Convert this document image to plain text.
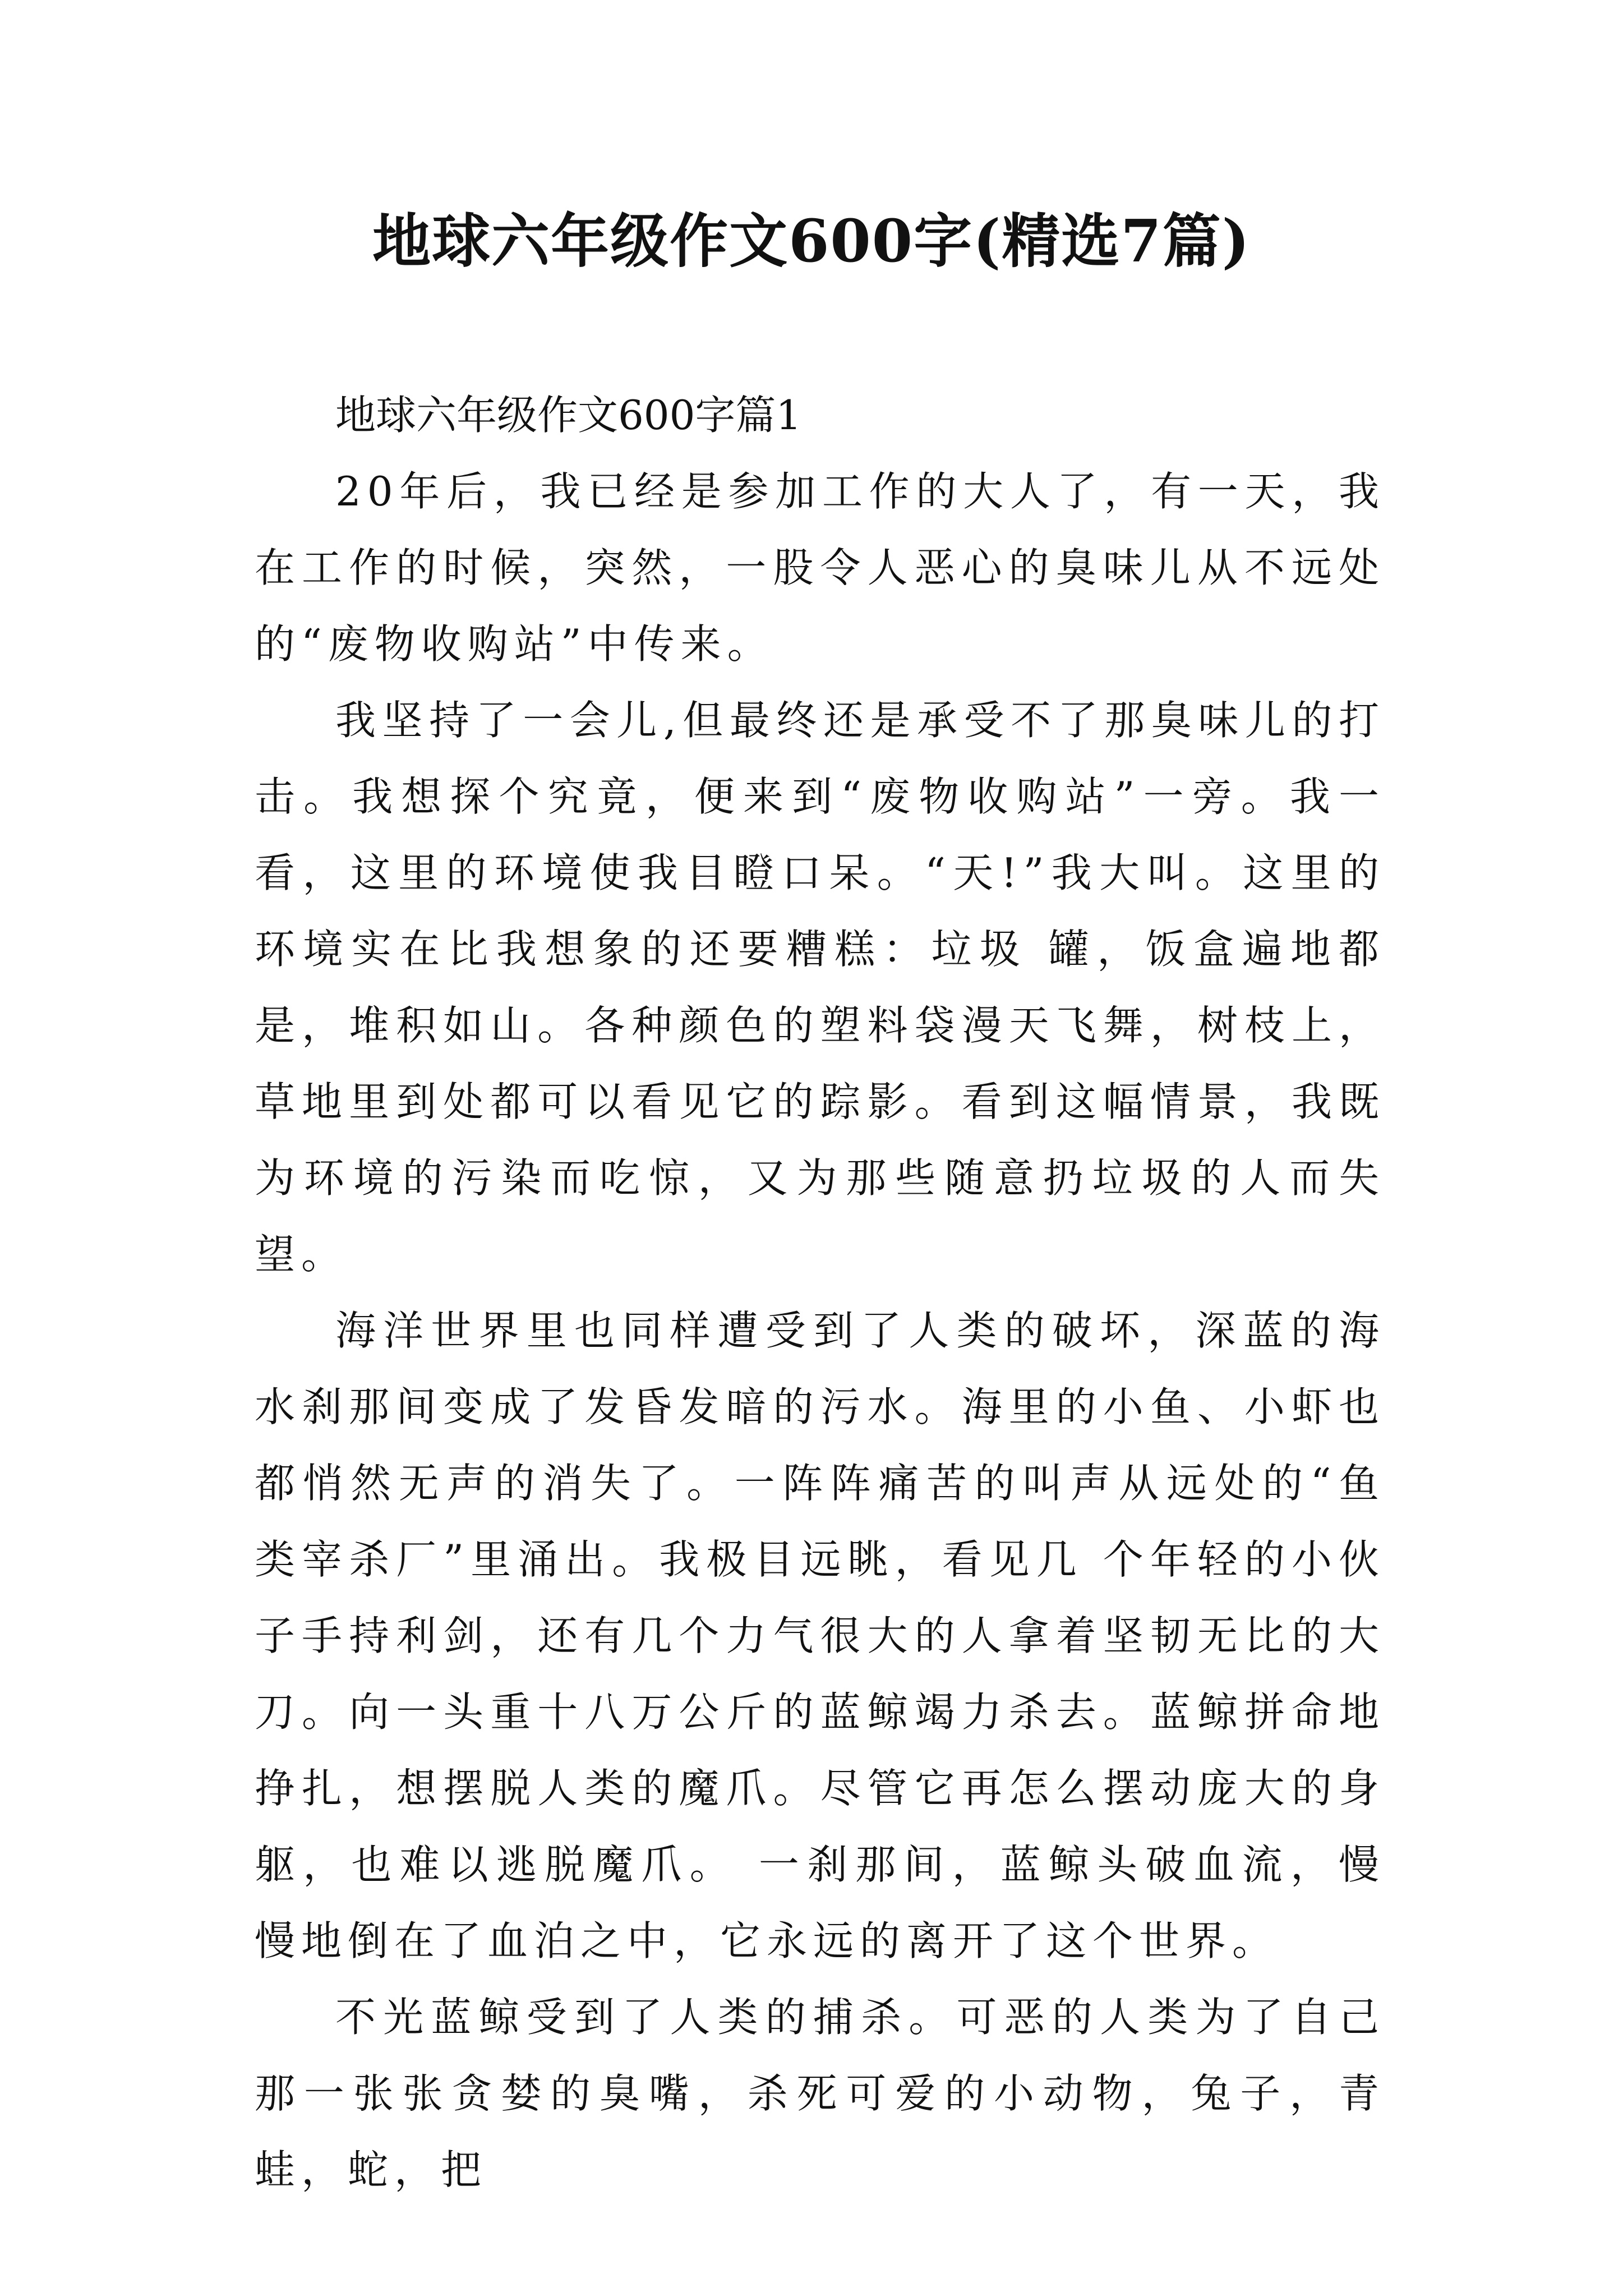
地球六年级作文600字(精选7篇)

地球六年级作文600字篇1

20年后，我已经是参加工作的大人了，有一天，我在工作的时候，突然，一股令人恶心的臭味儿从不远处的“废物收购站”中传来。

我坚持了一会儿,但最终还是承受不了那臭味儿的打击。我想探个究竟，便来到“废物收购站”一旁。我一看，这里的环境使我目瞪口呆。“天!”我大叫。这里的环境实在比我想象的还要糟糕：垃圾 罐，饭盒遍地都是，堆积如山。各种颜色的塑料袋漫天飞舞，树枝上，草地里到处都可以看见它的踪影。看到这幅情景，我既为环境的污染而吃惊，又为那些随意扔垃圾的人而失望。

海洋世界里也同样遭受到了人类的破坏，深蓝的海水刹那间变成了发昏发暗的污水。海里的小鱼、小虾也都悄然无声的消失了。一阵阵痛苦的叫声从远处的“鱼类宰杀厂”里涌出。我极目远眺，看见几 个年轻的小伙子手持利剑，还有几个力气很大的人拿着坚韧无比的大刀。向一头重十八万公斤的蓝鲸竭力杀去。蓝鲸拼命地挣扎，想摆脱人类的魔爪。尽管它再怎么摆动庞大的身躯，也难以逃脱魔爪。 一刹那间，蓝鲸头破血流，慢慢地倒在了血泊之中，它永远的离开了这个世界。

不光蓝鲸受到了人类的捕杀。可恶的人类为了自己那一张张贪婪的臭嘴，杀死可爱的小动物，兔子，青蛙，蛇，把
